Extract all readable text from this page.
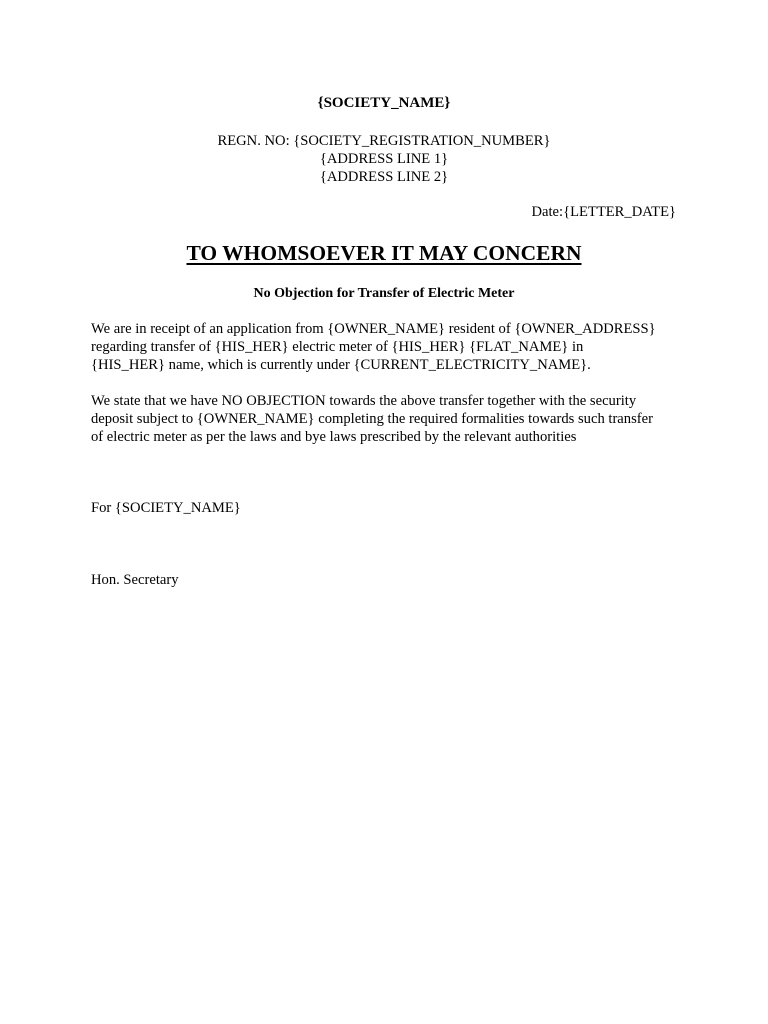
{SOCIETY_NAME}
REGN. NO: {SOCIETY_REGISTRATION_NUMBER}
{ADDRESS LINE 1}
{ADDRESS LINE 2}
Date:{LETTER_DATE}
TO WHOMSOEVER IT MAY CONCERN
No Objection for Transfer of Electric Meter
We are in receipt of an application from {OWNER_NAME} resident of {OWNER_ADDRESS}
regarding transfer of {HIS_HER} electric meter of {HIS_HER} {FLAT_NAME} in
{HIS_HER} name, which is currently under {CURRENT_ELECTRICITY_NAME}.
We state that we have NO OBJECTION towards the above transfer together with the security
deposit subject to {OWNER_NAME} completing the required formalities towards such transfer
of electric meter as per the laws and bye laws prescribed by the relevant authorities
For {SOCIETY_NAME}
Hon. Secretary
